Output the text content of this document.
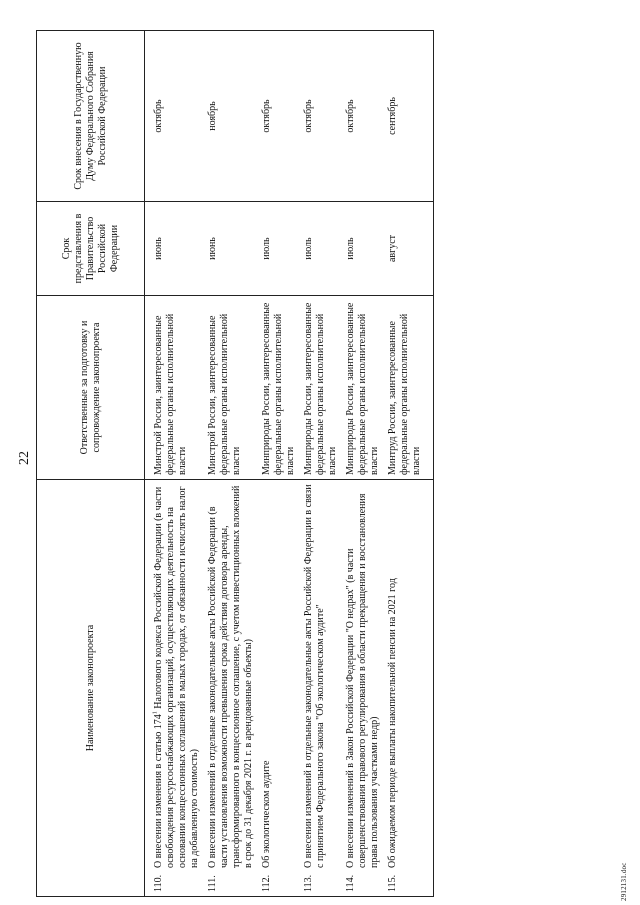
22
Наименование законопроекта	Ответственные за подготовку и сопровождение законопроекта	Срок представления в Правительство Российской Федерации	Срок внесения в Государственную Думу Федерального Собрания Российской Федерации

110.
О внесении изменения в статью $174^1$ Налогового кодекса Российской Федерации (в части освобождения ресурсоснабжающих организаций, осуществляющих деятельность на основании концессионных соглашений в малых городах, от обязанности исчислять налог на добавленную стоимость)	Минстрой России, заинтересованные федеральные органы исполнительной власти	июнь	октябрь

111.
О внесении изменений в отдельные законодательные акты Российской Федерации (в части установления возможности превышения срока действия договора аренды, трансформированного в концессионное соглашение, с учетом инвестиционных вложений в срок до 31 декабря 2021 г. в арендованные объекты)	Минстрой России, заинтересованные федеральные органы исполнительной власти	июнь	ноябрь

112.
Об экологическом аудите	Минприроды России, заинтересованные федеральные органы исполнительной власти	июль	октябрь

113.
О внесении изменений в отдельные законодательные акты Российской Федерации в связи с принятием Федерального закона "Об экологическом аудите"	Минприроды России, заинтересованные федеральные органы исполнительной власти	июль	октябрь

114.
О внесении изменений в Закон Российской Федерации "О недрах" (в части совершенствования правового регулирования в области прекращения и восстановления права пользования участками недр)	Минприроды России, заинтересованные федеральные органы исполнительной власти	июль	октябрь

115.
Об ожидаемом периоде выплаты накопительной пенсии на 2021 год	Минтруд России, заинтересованные федеральные органы исполнительной власти	август	сентябрь
2912131.doc
